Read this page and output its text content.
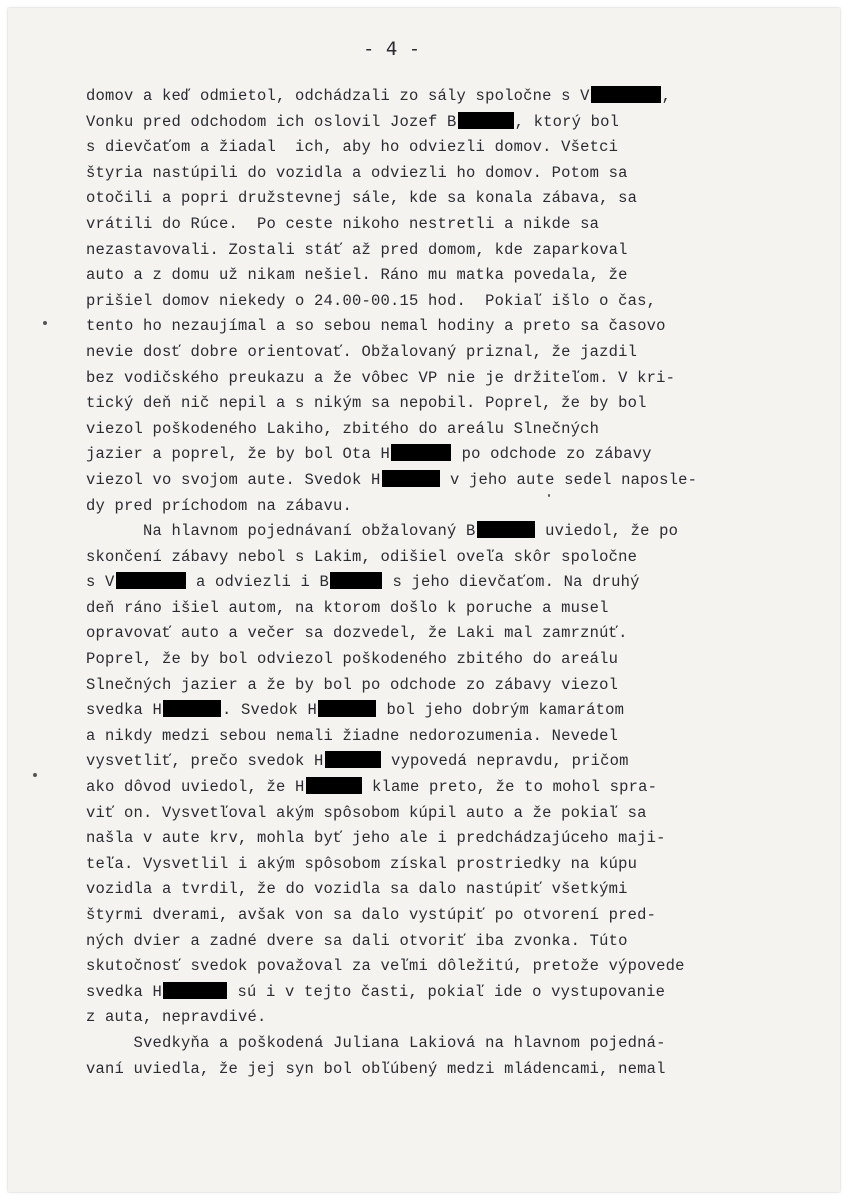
- 4 -
domov a keď odmietol, odchádzali zo sály spoločne s V	,
Vonku pred odchodom ich oslovil Jozef B	, ktorý bol
s dievčaťom a žiadal  ich, aby ho odviezli domov. Všetci
štyria nastúpili do vozidla a odviezli ho domov. Potom sa
otočili a popri družstevnej sále, kde sa konala zábava, sa
vrátili do Rúce.  Po ceste nikoho nestretli a nikde sa
nezastavovali. Zostali stáť až pred domom, kde zaparkoval
auto a z domu už nikam nešiel. Ráno mu matka povedala, že
prišiel domov niekedy o 24.00-00.15 hod.  Pokiaľ išlo o čas,
tento ho nezaujímal a so sebou nemal hodiny a preto sa časovo
nevie dosť dobre orientovať. Obžalovaný priznal, že jazdil
bez vodičského preukazu a že vôbec VP nie je držiteľom. V kri-
tický deň nič nepil a s nikým sa nepobil. Poprel, že by bol
viezol poškodeného Lakiho, zbitého do areálu Slnečných
jazier a poprel, že by bol Ota H	po odchode zo zábavy
viezol vo svojom aute. Svedok H	v jeho aute sedel naposle-
dy pred príchodom na zábavu.
Na hlavnom pojednávaní obžalovaný B	uviedol, že po
skončení zábavy nebol s Lakim, odišiel oveľa skôr spoločne
s V	a odviezli i B	s jeho dievčaťom. Na druhý
deň ráno išiel autom, na ktorom došlo k poruche a musel
opravovať auto a večer sa dozvedel, že Laki mal zamrznúť.
Poprel, že by bol odviezol poškodeného zbitého do areálu
Slnečných jazier a že by bol po odchode zo zábavy viezol
svedka H	. Svedok H	bol jeho dobrým kamarátom
a nikdy medzi sebou nemali žiadne nedorozumenia. Nevedel
vysvetliť, prečo svedok H	vypovedá nepravdu, pričom
ako dôvod uviedol, že H	klame preto, že to mohol spra-
viť on. Vysvetľoval akým spôsobom kúpil auto a že pokiaľ sa
našla v aute krv, mohla byť jeho ale i predchádzajúceho maji-
teľa. Vysvetlil i akým spôsobom získal prostriedky na kúpu
vozidla a tvrdil, že do vozidla sa dalo nastúpiť všetkými
štyrmi dverami, avšak von sa dalo vystúpiť po otvorení pred-
ných dvier a zadné dvere sa dali otvoriť iba zvonka. Túto
skutočnosť svedok považoval za veľmi dôležitú, pretože výpovede
svedka H	sú i v tejto časti, pokiaľ ide o vystupovanie
z auta, nepravdivé.
Svedkyňa a poškodená Juliana Lakiová na hlavnom pojedná-
vaní uviedla, že jej syn bol obľúbený medzi mládencami, nemal
